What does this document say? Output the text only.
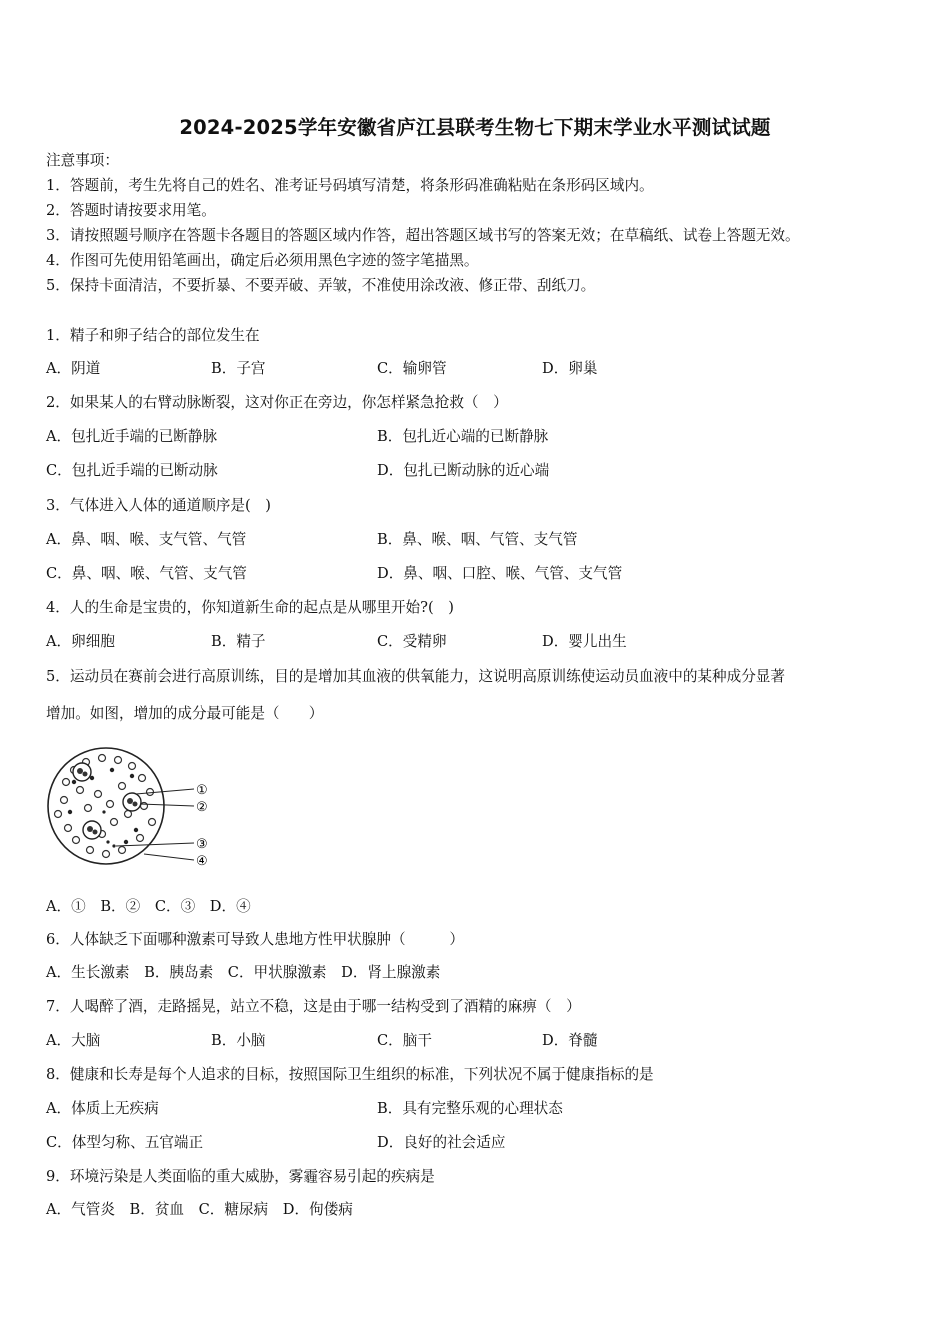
2024-2025学年安徽省庐江县联考生物七下期末学业水平测试试题
注意事项：
1．答题前，考生先将自己的姓名、准考证号码填写清楚，将条形码准确粘贴在条形码区域内。
2．答题时请按要求用笔。
3．请按照题号顺序在答题卡各题目的答题区域内作答，超出答题区域书写的答案无效；在草稿纸、试卷上答题无效。
4．作图可先使用铅笔画出，确定后必须用黑色字迹的签字笔描黑。
5．保持卡面清洁，不要折暴、不要弄破、弄皱，不准使用涂改液、修正带、刮纸刀。
1．精子和卵子结合的部位发生在
A．阴道	B．子宫	C．输卵管	D．卵巢
2．如果某人的右臂动脉断裂，这对你正在旁边，你怎样紧急抢救（　）
A．包扎近手端的已断静脉	B．包扎近心端的已断静脉
C．包扎近手端的已断动脉	D．包扎已断动脉的近心端
3．气体进入人体的通道顺序是(　)
A．鼻、咽、喉、支气管、气管	B．鼻、喉、咽、气管、支气管
C．鼻、咽、喉、气管、支气管	D．鼻、咽、口腔、喉、气管、支气管
4．人的生命是宝贵的，你知道新生命的起点是从哪里开始?(　)
A．卵细胞	B．精子	C．受精卵	D．婴儿出生
5．运动员在赛前会进行高原训练，目的是增加其血液的供氧能力，这说明高原训练使运动员血液中的某种成分显著
增加。如图，增加的成分最可能是（　　）
①
②
③
④
A．①　B．②　C．③　D．④
6．人体缺乏下面哪种激素可导致人患地方性甲状腺肿（　　　）
A．生长激素　B．胰岛素　C．甲状腺激素　D．肾上腺激素
7．人喝醉了酒，走路摇晃，站立不稳，这是由于哪一结构受到了酒精的麻痹（　）
A．大脑	B．小脑	C．脑干	D．脊髓
8．健康和长寿是每个人追求的目标，按照国际卫生组织的标准，下列状况不属于健康指标的是
A．体质上无疾病	B．具有完整乐观的心理状态
C．体型匀称、五官端正	D．良好的社会适应
9．环境污染是人类面临的重大威胁，雾霾容易引起的疾病是
A．气管炎　B．贫血　C．糖尿病　D．佝偻病
